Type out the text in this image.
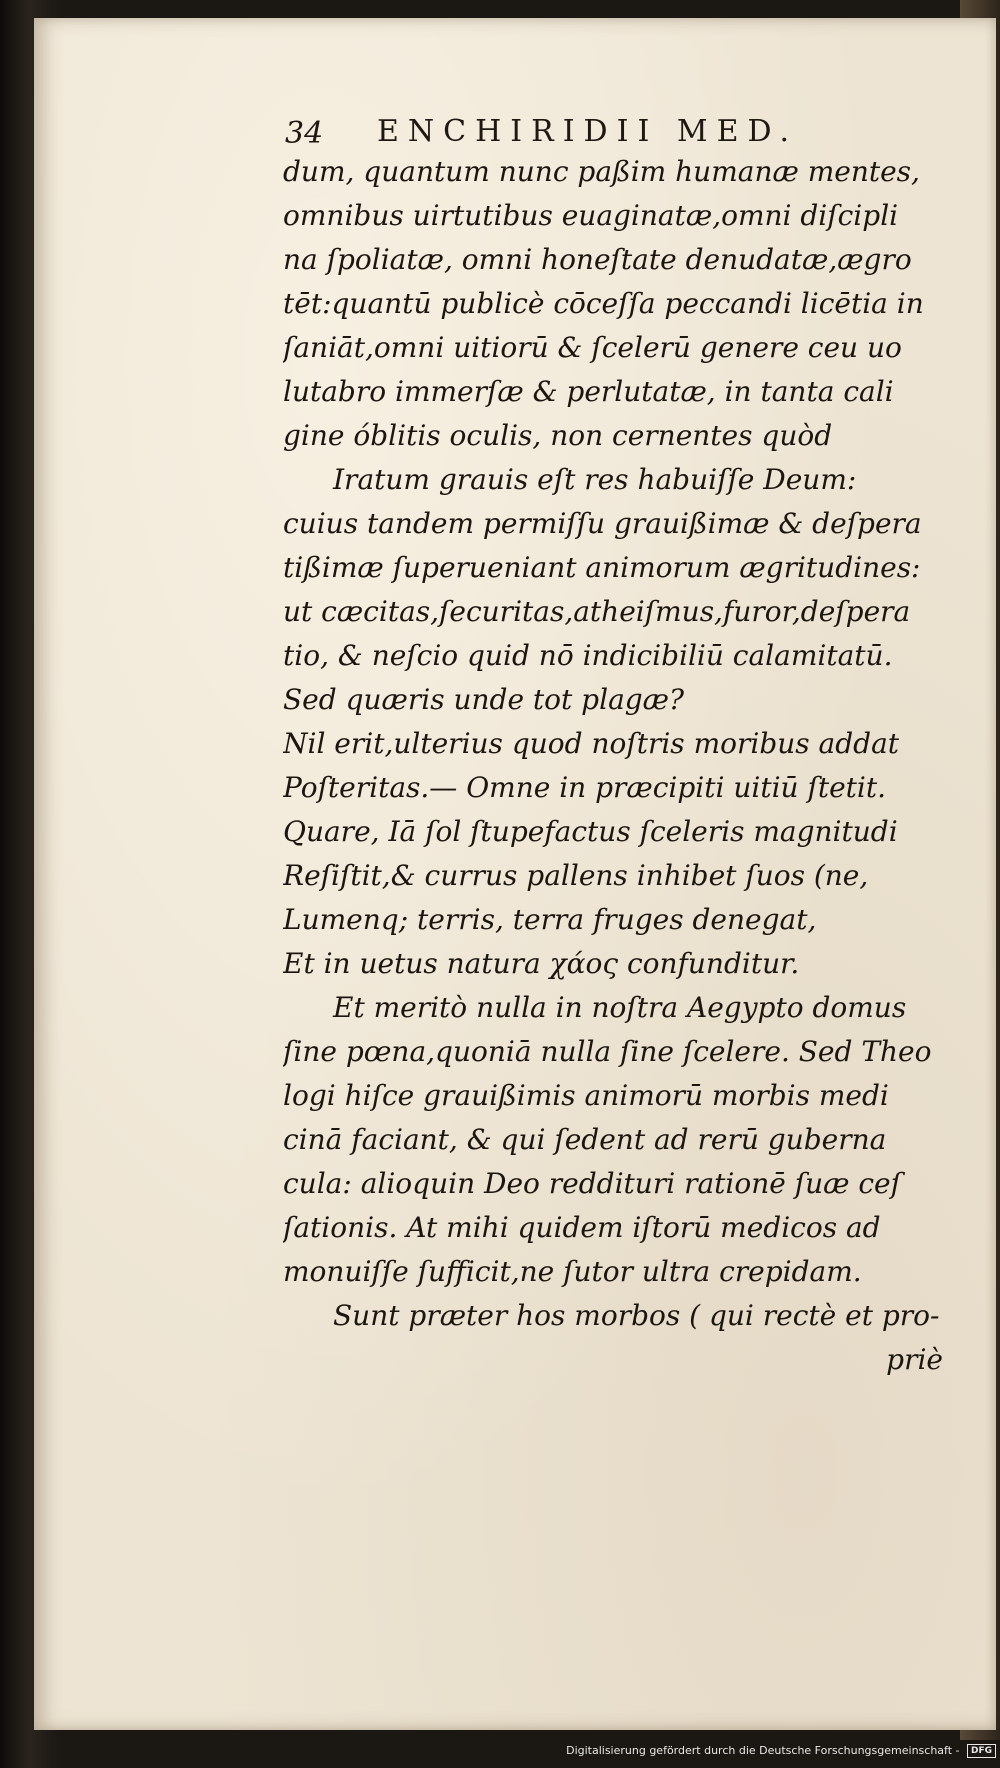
34 ENCHIRIDII MED.
dum, quantum nunc paßim humanæ mentes,
omnibus uirtutibus euaginatæ,omni diſcipli
na ſpoliatæ, omni honeſtate denudatæ,ægro
tēt:quantū publicè cōceſſa peccandi licētia in
ſaniāt,omni uitiorū & ſcelerū genere ceu uo
lutabro immerſæ & perlutatæ, in tanta cali
gine óblitis oculis, non cernentes quòd
Iratum grauis eſt res habuiſſe Deum:
cuius tandem permiſſu grauißimæ & deſpera
tißimæ ſuperueniant animorum ægritudines:
ut cæcitas,ſecuritas,atheiſmus,furor,deſpera
tio, & neſcio quid nō indicibiliū calamitatū.
Sed quæris unde tot plagæ?
Nil erit,ulterius quod noſtris moribus addat
Poſteritas.— Omne in præcipiti uitiū ſtetit.
Quare, Iā ſol ſtupefactus ſceleris magnitudi
Reſiſtit,& currus pallens inhibet ſuos (ne,
Lumenq; terris, terra fruges denegat,
Et in uetus natura χάος confunditur.
Et meritò nulla in noſtra Aegypto domus
ſine pœna,quoniā nulla ſine ſcelere. Sed Theo
logi hiſce grauißimis animorū morbis medi
cinā faciant, & qui ſedent ad rerū guberna
cula: alioquin Deo reddituri rationē ſuæ ceſ
ſationis. At mihi quidem iſtorū medicos ad
monuiſſe ſufficit,ne ſutor ultra crepidam.
Sunt præter hos morbos ( qui rectè et pro-
priè
Digitalisierung gefördert durch die Deutsche Forschungsgemeinschaft - DFG
